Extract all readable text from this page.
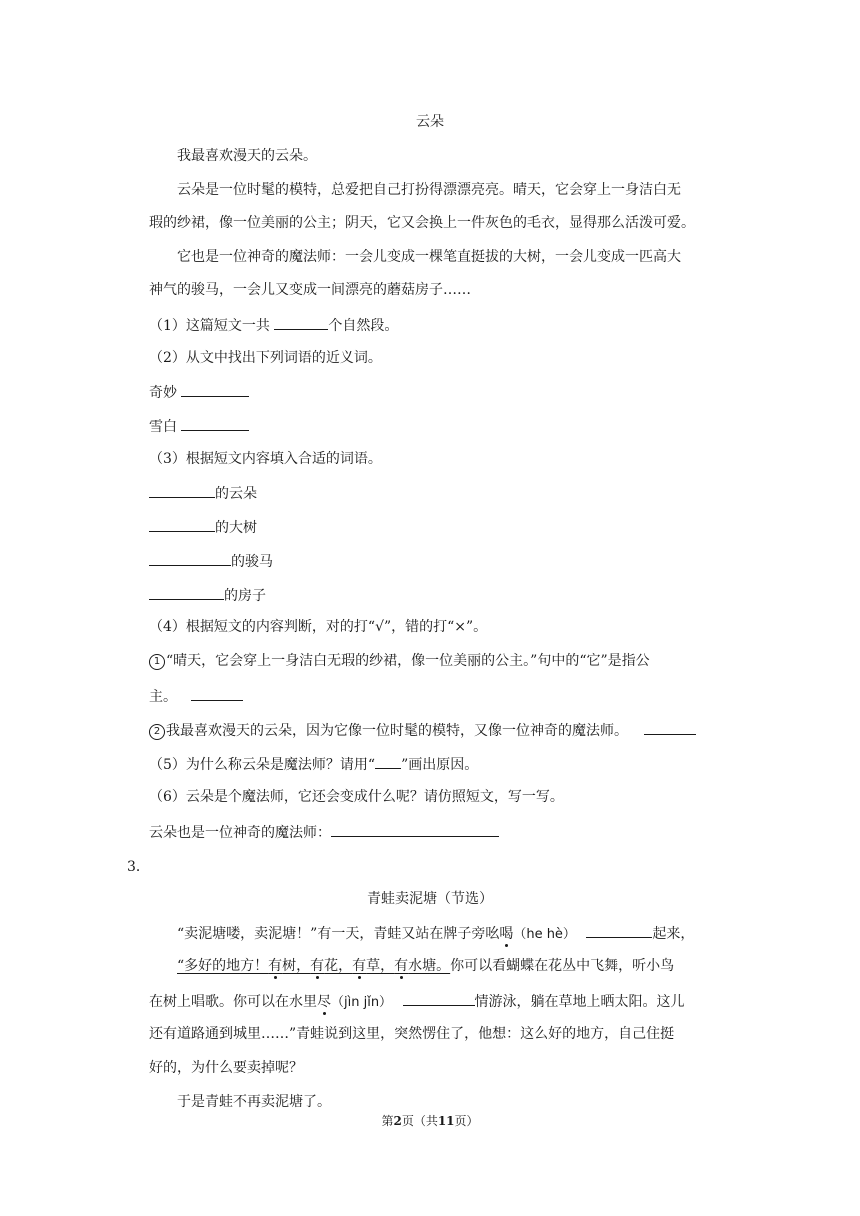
云朵
我最喜欢漫天的云朵。
云朵是一位时髦的模特，总爱把自己打扮得漂漂亮亮。晴天，它会穿上一身洁白无
瑕的纱裙，像一位美丽的公主；阴天，它又会换上一件灰色的毛衣，显得那么活泼可爱。
它也是一位神奇的魔法师：一会儿变成一棵笔直挺拔的大树，一会儿变成一匹高大
神气的骏马，一会儿又变成一间漂亮的蘑菇房子……
（1）这篇短文一共	个自然段。
（2）从文中找出下列词语的近义词。
奇妙
雪白
（3）根据短文内容填入合适的词语。
的云朵
的大树
的骏马
的房子
（4）根据短文的内容判断，对的打“√”，错的打“×”。
1 “晴天，它会穿上一身洁白无瑕的纱裙，像一位美丽的公主。”句中的“它”是指公
主。
2 我最喜欢漫天的云朵，因为它像一位时髦的模特，又像一位神奇的魔法师。
（5）为什么称云朵是魔法师？请用“ ”画出原因。
（6）云朵是个魔法师，它还会变成什么呢？请仿照短文，写一写。
云朵也是一位神奇的魔法师：
3．
青蛙卖泥塘（节选）
“卖泥塘喽，卖泥塘！”有一天，青蛙又站在牌子旁吆喝（he hè）	起来，
“多好的地方！有树，有花，有草，有水塘。你可以看蝴蝶在花丛中飞舞，听小鸟
在树上唱歌。你可以在水里尽（jìn jǐn）	情游泳，躺在草地上晒太阳。这儿
还有道路通到城里……”青蛙说到这里，突然愣住了，他想：这么好的地方，自己住挺
好的，为什么要卖掉呢？
于是青蛙不再卖泥塘了。
第2页（共11页）
